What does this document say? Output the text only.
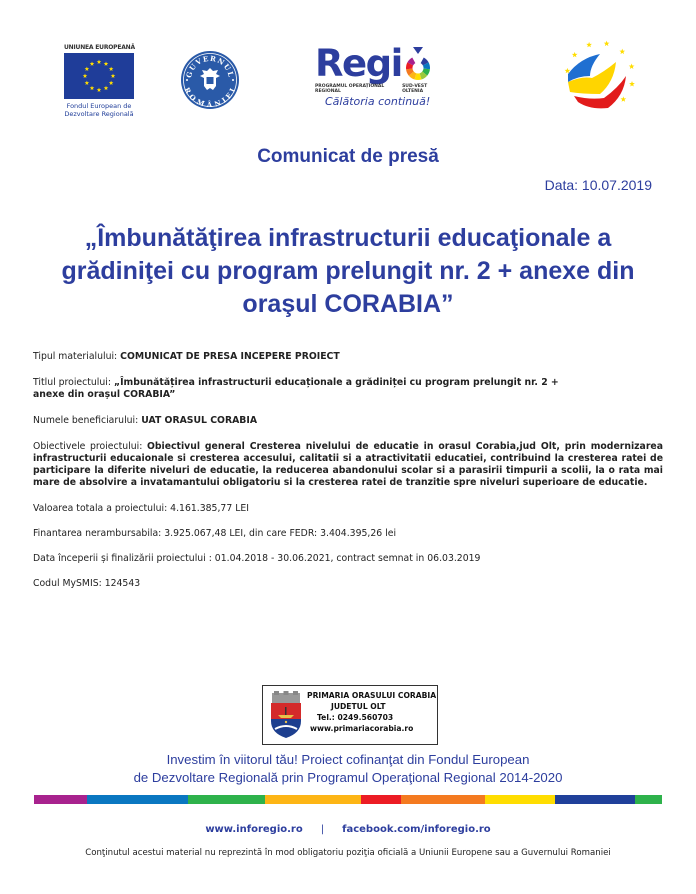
UNIUNEA EUROPEANĂ
Fondul European de
Dezvoltare Regională
GUVERNUL
ROMÂNIEI
Regi
PROGRAMUL OPERAȚIONAL REGIONAL
SUD-VEST OLTENIA
Călătoria continuă!
Comunicat de presă
Data: 10.07.2019
„Îmbunătăţirea infrastructurii educaţionale a
grădiniţei cu program prelungit nr. 2 + anexe din
oraşul CORABIA”
Tipul materialului: COMUNICAT DE PRESA INCEPERE PROIECT
Titlul proiectului: „Îmbunătățirea infrastructurii educaționale a grădiniței cu program prelungit nr. 2 + anexe din orașul CORABIA”
Numele beneficiarului: UAT ORASUL CORABIA
Obiectivele proiectului: Obiectivul general Cresterea nivelului de educatie in orasul Corabia,jud Olt, prin modernizarea infrastructurii educaionale si cresterea accesului, calitatii si a atractivitatii educatiei, contribuind la cresterea ratei de participare la diferite niveluri de educatie, la reducerea abandonului scolar si a parasirii timpurii a scolii, la o rata mai mare de absolvire a invatamantului obligatoriu si la cresterea ratei de tranzitie spre niveluri superioare de educatie.
Valoarea totala a proiectului: 4.161.385,77 LEI
Finantarea nerambursabila: 3.925.067,48 LEI, din care FEDR: 3.404.395,26 lei
Data începerii și finalizării proiectului : 01.04.2018 - 30.06.2021, contract semnat in 06.03.2019
Codul MySMIS: 124543
PRIMARIA ORASULUI CORABIA
JUDETUL OLT
Tel.: 0249.560703
www.primariacorabia.ro
Investim în viitorul tău! Proiect cofinanţat din Fondul European
de Dezvoltare Regională prin Programul Operaţional Regional 2014-2020
www.inforegio.ro | facebook.com/inforegio.ro
Conţinutul acestui material nu reprezintă în mod obligatoriu poziţia oficială a Uniunii Europene sau a Guvernului Romaniei
